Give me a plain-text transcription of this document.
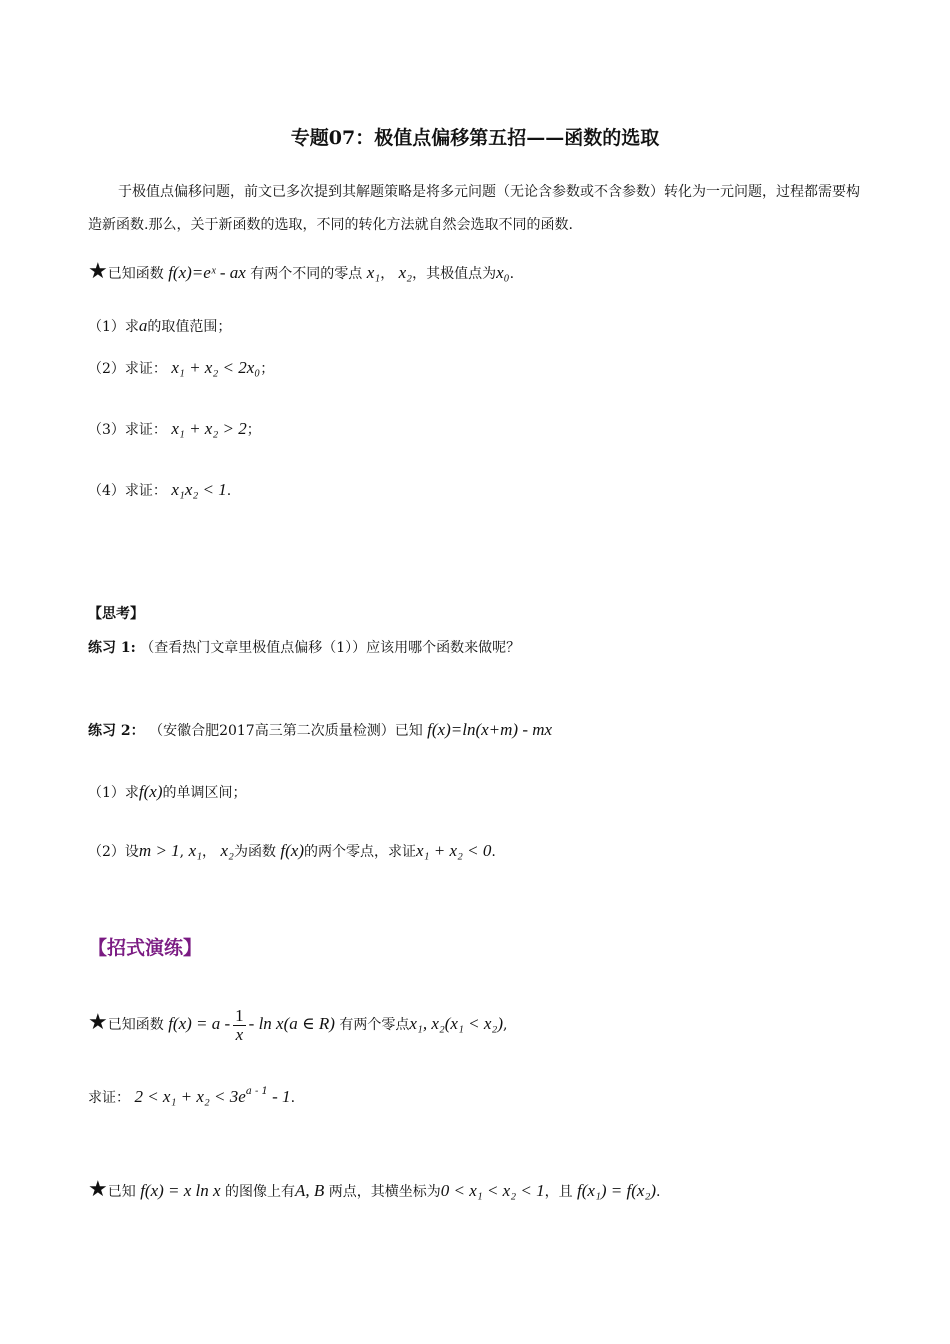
专题07：极值点偏移第五招——函数的选取
于极值点偏移问题，前文已多次提到其解题策略是将多元问题（无论含参数或不含参数）转化为一元问题，过程都需要构造新函数.那么，关于新函数的选取，不同的转化方法就自然会选取不同的函数.
★已知函数 f(x)=eˣ - ax 有两个不同的零点 x₁， x₂，其极值点为x₀.
（1）求a的取值范围；
（2）求证： x₁ + x₂ < 2x₀；
（3）求证： x₁ + x₂ > 2；
（4）求证： x₁x₂ < 1.
【思考】
练习 1: （查看热门文章里极值点偏移（1））应该用哪个函数来做呢？
练习 2： （安徽合肥2017高三第二次质量检测）已知 f(x)=ln(x+m) - mx
（1）求f(x)的单调区间；
（2）设m > 1, x₁， x₂为函数 f(x)的两个零点，求证x₁ + x₂ < 0.
【招式演练】
★已知函数 $f(x) = a - \frac{1}{x} - \ln x(a$ ∈ R) 有两个零点x₁, x₂(x₁ < x₂),
求证： $2 < x_1 + x_2 < 3e^{a - 1} - 1$.
★已知 f(x) = x ln x 的图像上有A, B 两点，其横坐标为0 < x₁ < x₂ < 1，且 f(x₁) = f(x₂).
